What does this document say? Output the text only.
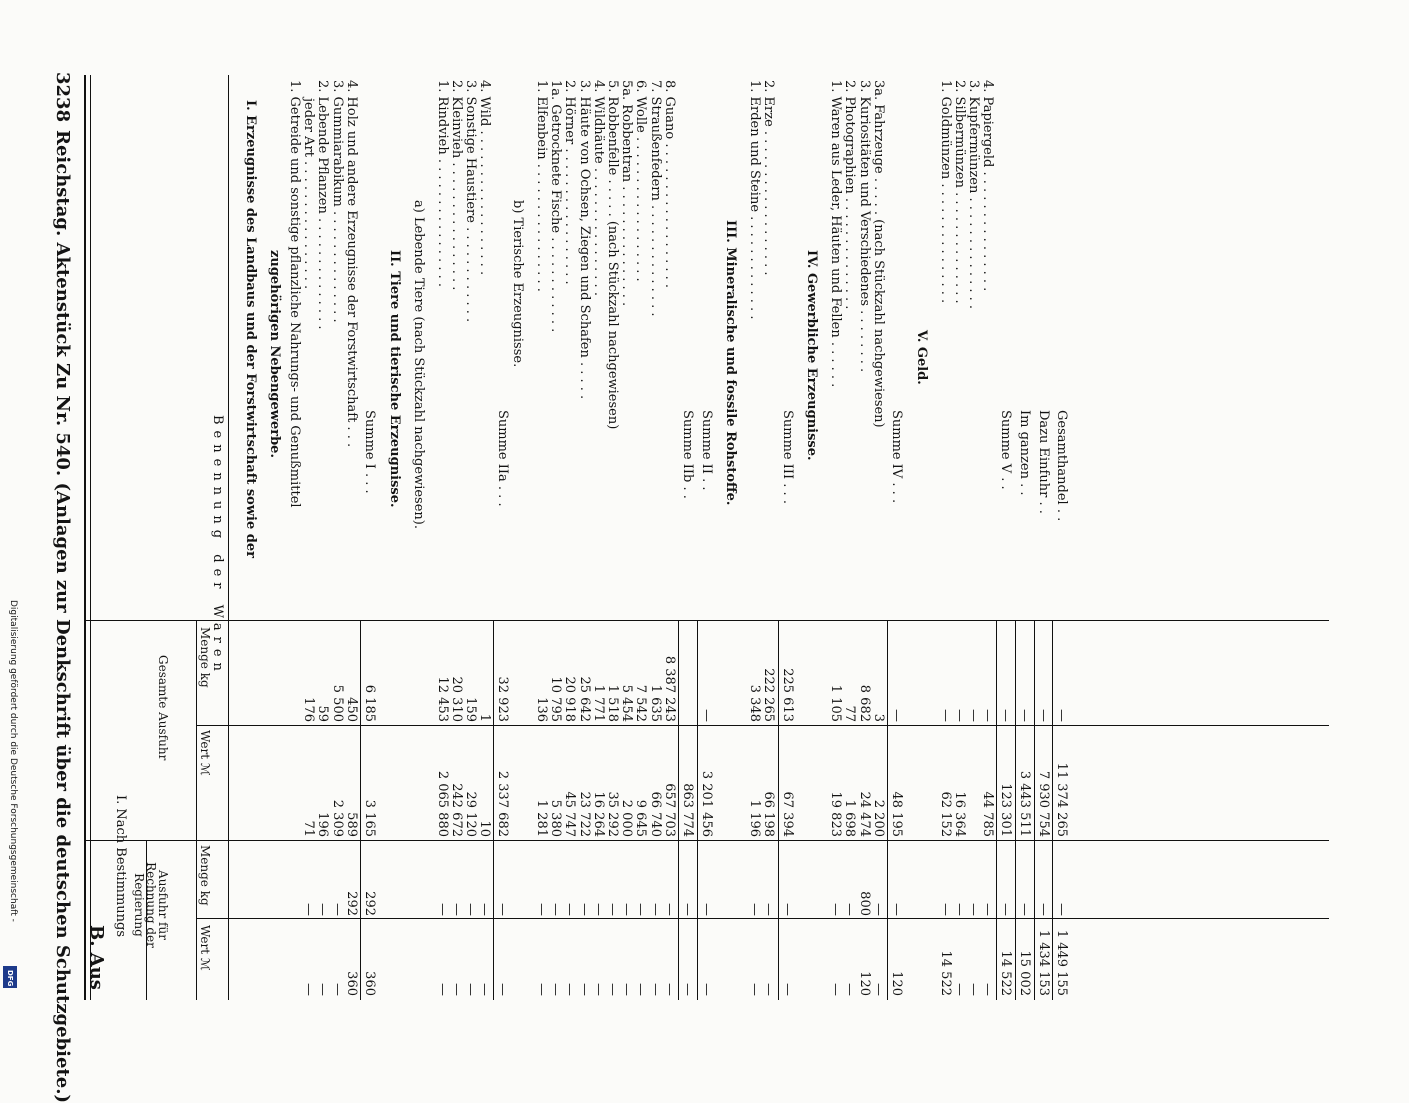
3238
Reichstag. Aktenstück Zu Nr. 540. (Anlagen zur Denkschrift über die deutschen Schutzgebiete.) B. Aus
I. Nach Bestimmungs
Benennung der Waren
Gesamte Ausfuhr
Ausfuhr für Rechnung der Regierung
Menge kg
Wert ℳ
Menge kg
Wert ℳ
I. Erzeugnisse des Landbaus und der Forstwirtschaft sowie der zugehörigen Nebengewerbe. 1. Getreide und sonstige pflanzliche Nahrungs- und Genußmittel jeder Art . . . . . . . . . . . . . . . .
176
71
—
—
2. Lebende Pflanzen . . . . . . . . . . . . . .
59
196
—
—
3. Gummiarabikum . . . . . . . . . . . . . .
5 500
2 309
—
—
4. Holz und andere Erzeugnisse der Forstwirtschaft . . .
450
589
292
360
Summe I . . .
6 185
3 165
292
360
II. Tiere und tierische Erzeugnisse. a) Lebende Tiere (nach Stückzahl nachgewiesen).
1. Rindvieh . . . . . . . . . . . . . . . .
12 453
2 065 880
—
—
2. Kleinvieh . . . . . . . . . . . . . . . .
20 310
242 672
—
—
3. Sonstige Haustiere . . . . . . . . . . . .
159
29 120
—
—
4. Wild . . . . . . . . . . . . . . . . . .
1
10
—
—
Summe IIa . . .
32 923
2 337 682
—
—
b) Tierische Erzeugnisse. 1. Elfenbein . . . . . . . . . . . . . . . .
136
1 281
—
—
1a. Getrocknete Fische . . . . . . . . . . . .
10 795
5 380
—
—
2. Hörner . . . . . . . . . . . . . . . . .
20 918
45 747
—
—
3. Häute von Ochsen, Ziegen und Schafen . . . . .
25 642
23 722
—
—
4. Wildhäute . . . . . . . . . . . . . . . .
1 771
16 264
—
—
5. Robbenfelle . . . . . (nach Stückzahl nachgewiesen)
1 518
35 292
—
—
5a. Robbentran . . . . . . . . . . . . . . .
5 454
2 000
—
—
6. Wolle . . . . . . . . . . . . . . . . . .
7 542
9 645
—
—
7. Straußenfedern . . . . . . . . . . . . . .
1 635
66 740
—
—
8. Guano . . . . . . . . . . . . . . . . . .
8 387 243
657 703
—
—
Summe IIb . .
863 774
—
—
Summe II . .
—
3 201 456
—
—
III. Mineralische und fossile Rohstoffe.
1. Erden und Steine . . . . . . . . . . . . .
3 348
1 196
—
—
2. Erze . . . . . . . . . . . . . . . . . .
222 265
66 198
—
—
Summe III . . .
225 613
67 394
—
—
IV. Gewerbliche Erzeugnisse. 1. Waren aus Leder, Häuten und Fellen . . . . . .
1 105
19 823
—
—
2. Photographien . . . . . . . . . . . . . .
77
1 698
—
—
3. Kuriositäten und Verschiedenes . . . . . . . .
8 682
24 474
800
120
3a. Fahrzeuge . . . . . (nach Stückzahl nachgewiesen)
3
2 200
—
—
Summe IV . . .
—
48 195
—
120
V. Geld.
1. Goldmünzen . . . . . . . . . . . . . . .
—
62 152
—
14 522
2. Silbermünzen . . . . . . . . . . . . . .
—
16 364
—
—
3. Kupfermünzen . . . . . . . . . . . . . .
—
—
—
4. Papiergeld . . . . . . . . . . . . . . .
—
44 785
—
—
Summe V . .
—
123 301
—
14 522
Im ganzen . .
—
3 443 511
—
15 002
Dazu Einfuhr . .
—
7 930 754
—
1 434 153
Gesamthandel . .
—
11 374 265
—
1 449 155
Digitalisierung gefördert durch die Deutsche Forschungsgemeinschaft -
DFG
